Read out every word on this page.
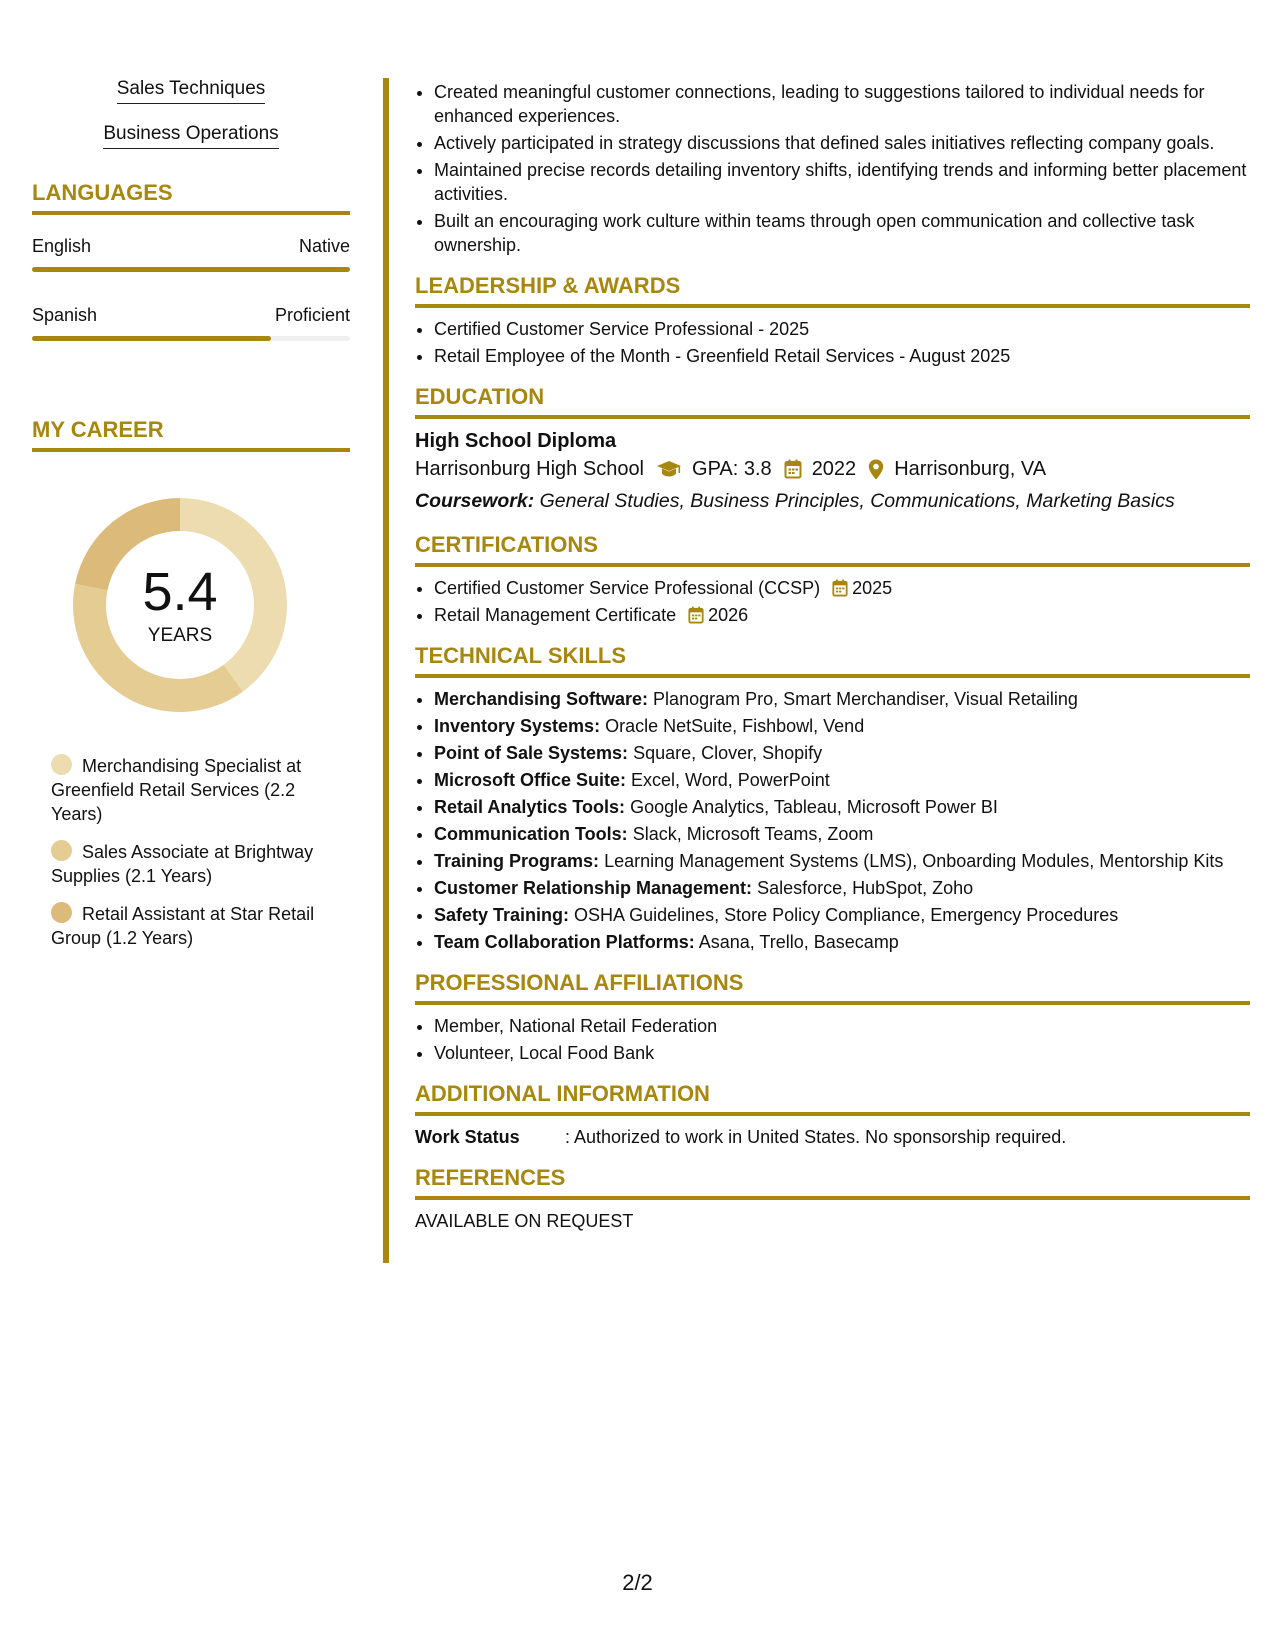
Sales Techniques
Business Operations
LANGUAGES
English	Native
Spanish	Proficient
MY CAREER
5.4
YEARS
Merchandising Specialist at Greenfield Retail Services (2.2 Years)
Sales Associate at Brightway Supplies (2.1 Years)
Retail Assistant at Star Retail Group (1.2 Years)
• Created meaningful customer connections, leading to suggestions tailored to individual needs for enhanced experiences.
• Actively participated in strategy discussions that defined sales initiatives reflecting company goals.
• Maintained precise records detailing inventory shifts, identifying trends and informing better placement activities.
• Built an encouraging work culture within teams through open communication and collective task ownership.
LEADERSHIP & AWARDS
• Certified Customer Service Professional - 2025
• Retail Employee of the Month - Greenfield Retail Services - August 2025
EDUCATION
High School Diploma
Harrisonburg High School GPA: 3.8 2022 Harrisonburg, VA
Coursework: General Studies, Business Principles, Communications, Marketing Basics
CERTIFICATIONS
• Certified Customer Service Professional (CCSP) 2025
• Retail Management Certificate 2026
TECHNICAL SKILLS
• Merchandising Software: Planogram Pro, Smart Merchandiser, Visual Retailing
• Inventory Systems: Oracle NetSuite, Fishbowl, Vend
• Point of Sale Systems: Square, Clover, Shopify
• Microsoft Office Suite: Excel, Word, PowerPoint
• Retail Analytics Tools: Google Analytics, Tableau, Microsoft Power BI
• Communication Tools: Slack, Microsoft Teams, Zoom
• Training Programs: Learning Management Systems (LMS), Onboarding Modules, Mentorship Kits
• Customer Relationship Management: Salesforce, HubSpot, Zoho
• Safety Training: OSHA Guidelines, Store Policy Compliance, Emergency Procedures
• Team Collaboration Platforms: Asana, Trello, Basecamp
PROFESSIONAL AFFILIATIONS
• Member, National Retail Federation
• Volunteer, Local Food Bank
ADDITIONAL INFORMATION
Work Status	: Authorized to work in United States. No sponsorship required.
REFERENCES
AVAILABLE ON REQUEST
2/2
